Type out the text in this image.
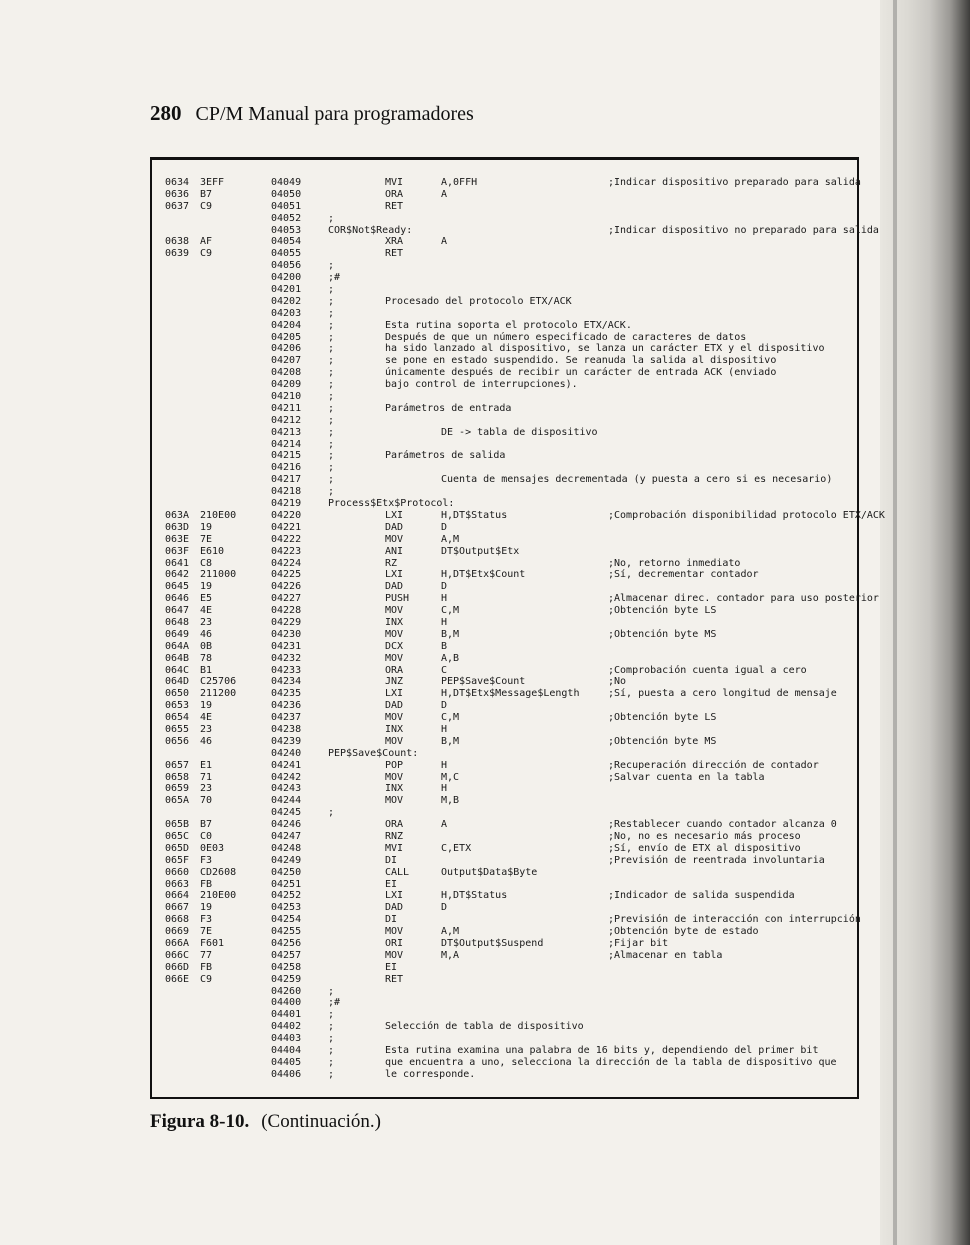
280 CP/M Manual para programadores
0634 3EFF	04049	MVI	A,0FFH	;Indicar dispositivo preparado para salida
0636 B7	04050	ORA	A
0637 C9	04051	RET
04052	;
04053	COR$Not$Ready:	;Indicar dispositivo no preparado para salida
0638 AF	04054	XRA	A
0639 C9	04055	RET
04056	;
04200	;#
04201	;
04202	;	Procesado del protocolo ETX/ACK
04203	;
04204	;	Esta rutina soporta el protocolo ETX/ACK.
04205	;	Después de que un número especificado de caracteres de datos
04206	;	ha sido lanzado al dispositivo, se lanza un carácter ETX y el dispositivo
04207	;	se pone en estado suspendido. Se reanuda la salida al dispositivo
04208	;	únicamente después de recibir un carácter de entrada ACK (enviado
04209	;	bajo control de interrupciones).
04210	;
04211	;	Parámetros de entrada
04212	;
04213	;	DE -> tabla de dispositivo
04214	;
04215	;	Parámetros de salida
04216	;
04217	;	Cuenta de mensajes decrementada (y puesta a cero si es necesario)
04218	;
04219	Process$Etx$Protocol:
063A 210E00	04220	LXI	H,DT$Status	;Comprobación disponibilidad protocolo ETX/ACK
063D 19	04221	DAD	D
063E 7E	04222	MOV	A,M
063F E610	04223	ANI	DT$Output$Etx
0641 C8	04224	RZ	;No, retorno inmediato
0642 211000	04225	LXI	H,DT$Etx$Count	;Sí, decrementar contador
0645 19	04226	DAD	D
0646 E5	04227	PUSH	H	;Almacenar direc. contador para uso posterior
0647 4E	04228	MOV	C,M	;Obtención byte LS
0648 23	04229	INX	H
0649 46	04230	MOV	B,M	;Obtención byte MS
064A 0B	04231	DCX	B
064B 78	04232	MOV	A,B
064C B1	04233	ORA	C	;Comprobación cuenta igual a cero
064D C25706	04234	JNZ	PEP$Save$Count	;No
0650 211200	04235	LXI	H,DT$Etx$Message$Length	;Sí, puesta a cero longitud de mensaje
0653 19	04236	DAD	D
0654 4E	04237	MOV	C,M	;Obtención byte LS
0655 23	04238	INX	H
0656 46	04239	MOV	B,M	;Obtención byte MS
04240	PEP$Save$Count:
0657 E1	04241	POP	H	;Recuperación dirección de contador
0658 71	04242	MOV	M,C	;Salvar cuenta en la tabla
0659 23	04243	INX	H
065A 70	04244	MOV	M,B
04245	;
065B B7	04246	ORA	A	;Restablecer cuando contador alcanza 0
065C C0	04247	RNZ	;No, no es necesario más proceso
065D 0E03	04248	MVI	C,ETX	;Sí, envío de ETX al dispositivo
065F F3	04249	DI	;Previsión de reentrada involuntaria
0660 CD2608	04250	CALL	Output$Data$Byte
0663 FB	04251	EI
0664 210E00	04252	LXI	H,DT$Status	;Indicador de salida suspendida
0667 19	04253	DAD	D
0668 F3	04254	DI	;Previsión de interacción con interrupción
0669 7E	04255	MOV	A,M	;Obtención byte de estado
066A F601	04256	ORI	DT$Output$Suspend	;Fijar bit
066C 77	04257	MOV	M,A	;Almacenar en tabla
066D FB	04258	EI
066E C9	04259	RET
04260	;
04400	;#
04401	;
04402	;	Selección de tabla de dispositivo
04403	;
04404	;	Esta rutina examina una palabra de 16 bits y, dependiendo del primer bit
04405	;	que encuentra a uno, selecciona la dirección de la tabla de dispositivo que
04406	;	le corresponde.
Figura 8-10. (Continuación.)
